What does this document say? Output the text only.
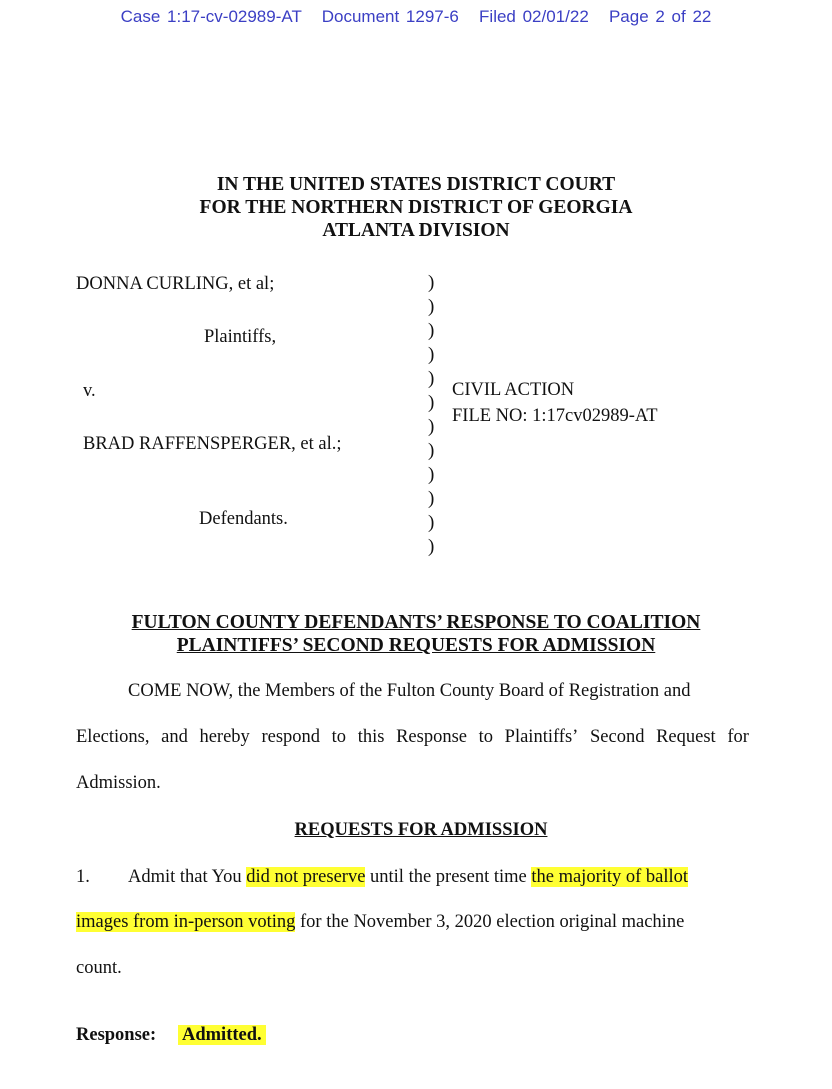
Case 1:17-cv-02989-AT Document 1297-6 Filed 02/01/22 Page 2 of 22
IN THE UNITED STATES DISTRICT COURT
FOR THE NORTHERN DISTRICT OF GEORGIA
ATLANTA DIVISION
DONNA CURLING, et al;
Plaintiffs,
v.
BRAD RAFFENSPERGER, et al.;
Defendants.
)
)
)
)
)
)
)
)
)
)
)
)
CIVIL ACTION
FILE NO: 1:17cv02989-AT
FULTON COUNTY DEFENDANTS’ RESPONSE TO COALITION
PLAINTIFFS’ SECOND REQUESTS FOR ADMISSION
COME NOW, the Members of the Fulton County Board of Registration and
Elections, and hereby respond to this Response to Plaintiffs’ Second Request for
Admission.
REQUESTS FOR ADMISSION
1. Admit that You did not preserve until the present time the majority of ballot
images from in-person voting for the November 3, 2020 election original machine
count.
Response: Admitted.
